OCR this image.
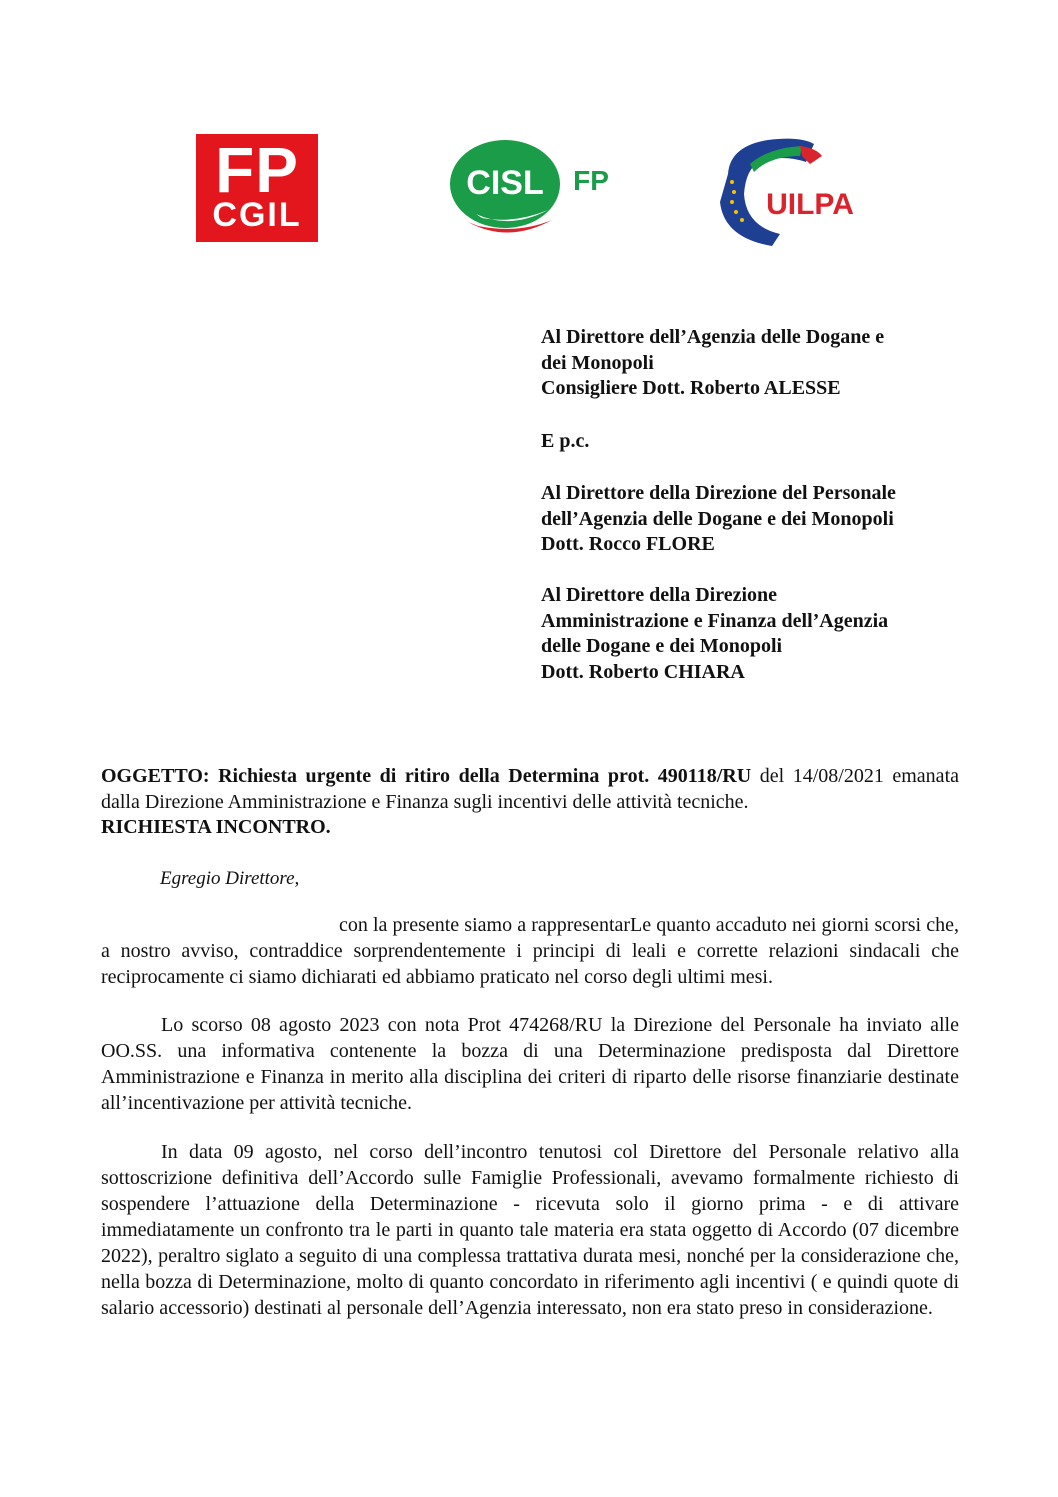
FP
CGIL
CISL FP
UILPA
Al Direttore dell’Agenzia delle Dogane e
dei Monopoli
Consigliere Dott. Roberto ALESSE
E p.c.
Al Direttore della Direzione del Personale
dell’Agenzia delle Dogane e dei Monopoli
Dott. Rocco FLORE
Al Direttore della Direzione
Amministrazione e Finanza dell’Agenzia
delle Dogane e dei Monopoli
Dott. Roberto CHIARA
OGGETTO: Richiesta urgente di ritiro della Determina prot. 490118/RU del 14/08/2021 emanata dalla Direzione Amministrazione e Finanza sugli incentivi delle attività tecniche.
RICHIESTA INCONTRO.
Egregio Direttore,
con la presente siamo a rappresentarLe quanto accaduto nei giorni scorsi che, a nostro avviso, contraddice sorprendentemente i principi di leali e corrette relazioni sindacali che reciprocamente ci siamo dichiarati ed abbiamo praticato nel corso degli ultimi mesi.
Lo scorso 08 agosto 2023 con nota Prot 474268/RU la Direzione del Personale ha inviato alle OO.SS. una informativa contenente la bozza di una Determinazione predisposta dal Direttore Amministrazione e Finanza in merito alla disciplina dei criteri di riparto delle risorse finanziarie destinate all’incentivazione per attività tecniche.
In data 09 agosto, nel corso dell’incontro tenutosi col Direttore del Personale relativo alla sottoscrizione definitiva dell’Accordo sulle Famiglie Professionali, avevamo formalmente richiesto di sospendere l’attuazione della Determinazione - ricevuta solo il giorno prima - e di attivare immediatamente un confronto tra le parti in quanto tale materia era stata oggetto di Accordo (07 dicembre 2022), peraltro siglato a seguito di una complessa trattativa durata mesi, nonché per la considerazione che, nella bozza di Determinazione, molto di quanto concordato in riferimento agli incentivi ( e quindi quote di salario accessorio) destinati al personale dell’Agenzia interessato, non era stato preso in considerazione.
